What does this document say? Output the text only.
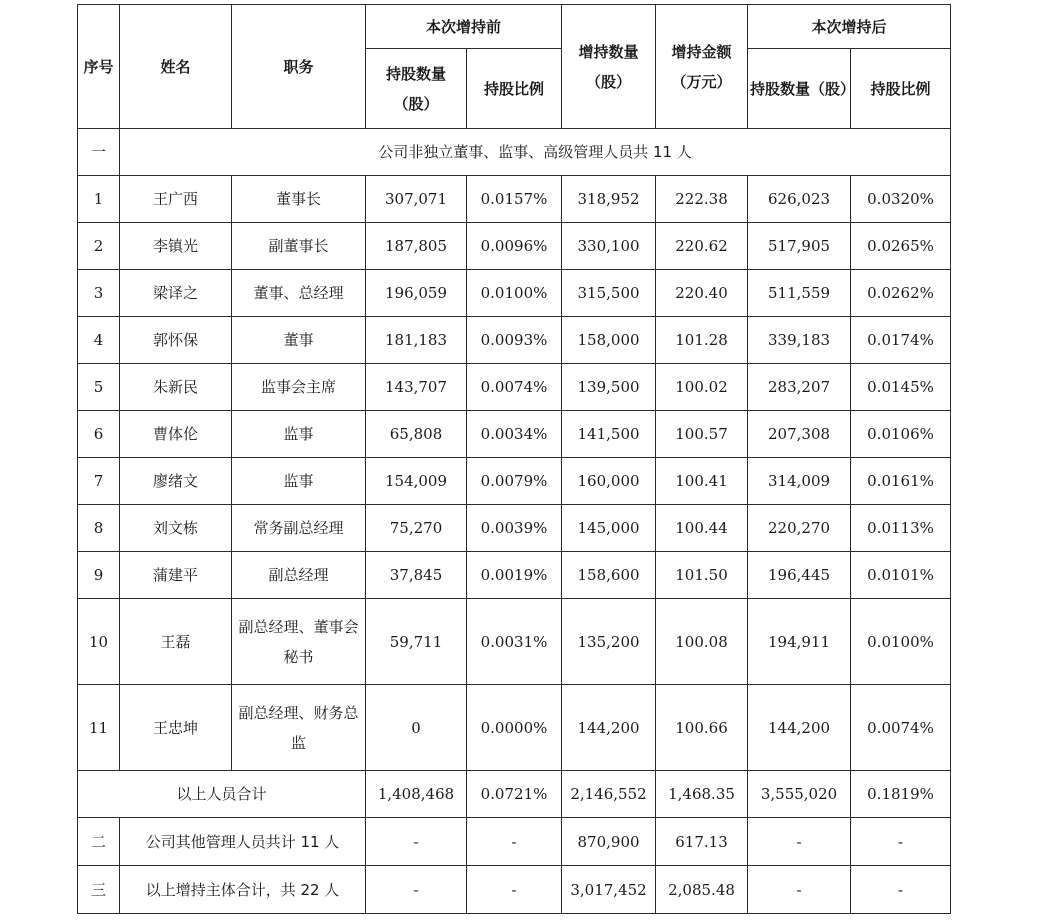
序号	姓名	职务	本次增持前		增持数量（股）	增持金额（万元）	本次增持后	
			持股数量（股）	持股比例			持股数量（股）	持股比例
一	公司非独立董事、监事、高级管理人员共 11 人							
1	王广西	董事长	307,071	0.0157%	318,952	222.38	626,023	0.0320%
2	李镇光	副董事长	187,805	0.0096%	330,100	220.62	517,905	0.0265%
3	梁译之	董事、总经理	196,059	0.0100%	315,500	220.40	511,559	0.0262%
4	郭怀保	董事	181,183	0.0093%	158,000	101.28	339,183	0.0174%
5	朱新民	监事会主席	143,707	0.0074%	139,500	100.02	283,207	0.0145%
6	曹体伦	监事	65,808	0.0034%	141,500	100.57	207,308	0.0106%
7	廖绪文	监事	154,009	0.0079%	160,000	100.41	314,009	0.0161%
8	刘文栋	常务副总经理	75,270	0.0039%	145,000	100.44	220,270	0.0113%
9	蒲建平	副总经理	37,845	0.0019%	158,600	101.50	196,445	0.0101%
10	王磊	副总经理、董事会秘书	59,711	0.0031%	135,200	100.08	194,911	0.0100%
11	王忠坤	副总经理、财务总监	0	0.0000%	144,200	100.66	144,200	0.0074%
以上人员合计			1,408,468	0.0721%	2,146,552	1,468.35	3,555,020	0.1819%
二	公司其他管理人员共计 11 人		-	-	870,900	617.13	-	-
三	以上增持主体合计，共 22 人		-	-	3,017,452	2,085.48	-	-
